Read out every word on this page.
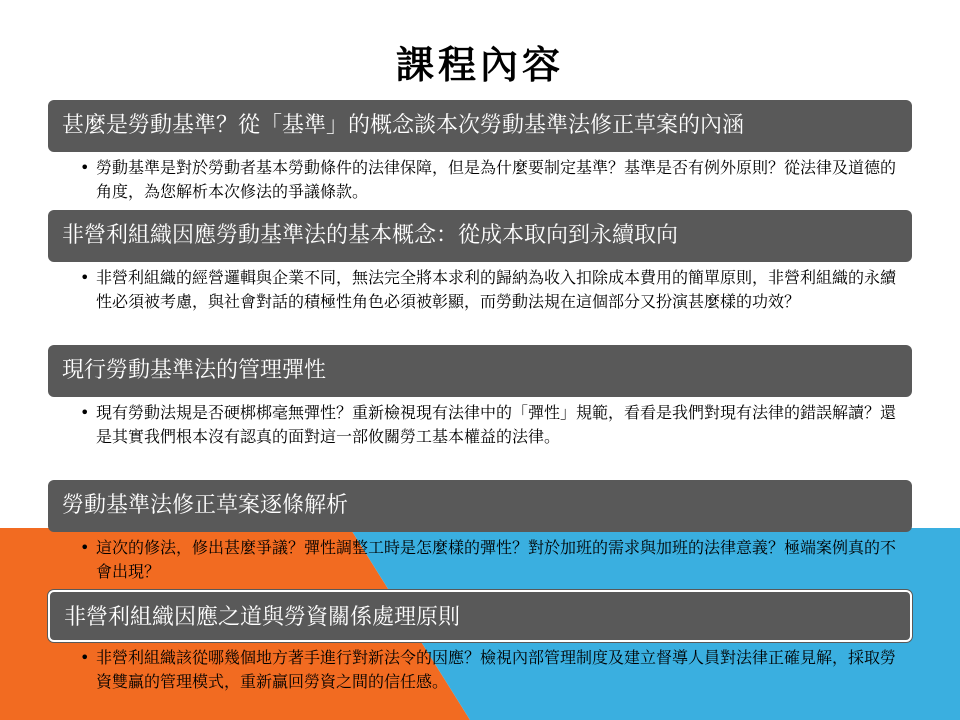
課程內容
甚麼是勞動基準？從「基準」的概念談本次勞動基準法修正草案的內涵
• 勞動基準是對於勞動者基本勞動條件的法律保障，但是為什麼要制定基準？基準是否有例外原則？從法律及道德的角度，為您解析本次修法的爭議條款。
非營利組織因應勞動基準法的基本概念：從成本取向到永續取向
• 非營利組織的經營邏輯與企業不同，無法完全將本求利的歸納為收入扣除成本費用的簡單原則，非營利組織的永續性必須被考慮，與社會對話的積極性角色必須被彰顯，而勞動法規在這個部分又扮演甚麼樣的功效？
現行勞動基準法的管理彈性
• 現有勞動法規是否硬梆梆毫無彈性？重新檢視現有法律中的「彈性」規範，看看是我們對現有法律的錯誤解讀？還是其實我們根本沒有認真的面對這一部攸關勞工基本權益的法律。
勞動基準法修正草案逐條解析
• 這次的修法，修出甚麼爭議？彈性調整工時是怎麼樣的彈性？對於加班的需求與加班的法律意義？極端案例真的不會出現？
非營利組織因應之道與勞資關係處理原則
• 非營利組織該從哪幾個地方著手進行對新法令的因應？檢視內部管理制度及建立督導人員對法律正確見解，採取勞資雙贏的管理模式，重新贏回勞資之間的信任感。
